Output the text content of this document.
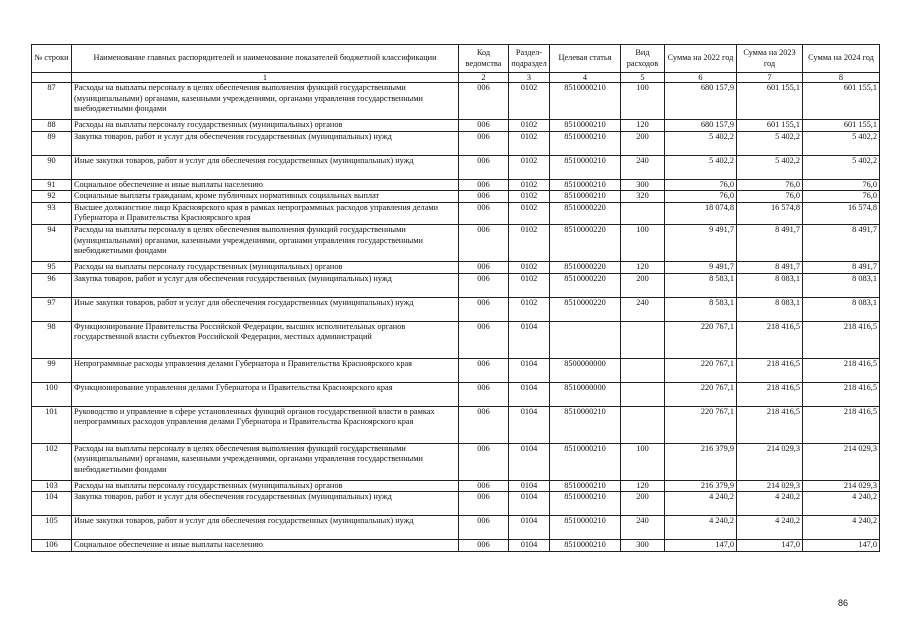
№ строки	Наименование главных распорядителей и наименование показателей бюджетной классификации	Код ведомства	Раздел-подраздел	Целевая статья	Вид расходов	Сумма на 2022 год	Сумма на 2023 год	Сумма на 2024 год
	1	2	3	4	5	6	7	8
87	Расходы на выплаты персоналу в целях обеспечения выполнения функций государственными (муниципальными) органами, казенными учреждениями, органами управления государственными внебюджетными фондами	006	0102	8510000210	100	680 157,9	601 155,1	601 155,1
88	Расходы на выплаты персоналу государственных (муниципальных) органов	006	0102	8510000210	120	680 157,9	601 155,1	601 155,1
89	Закупка товаров, работ и услуг для обеспечения государственных (муниципальных) нужд	006	0102	8510000210	200	5 402,2	5 402,2	5 402,2
90	Иные закупки товаров, работ и услуг для обеспечения государственных (муниципальных) нужд	006	0102	8510000210	240	5 402,2	5 402,2	5 402,2
91	Социальное обеспечение и иные выплаты населению	006	0102	8510000210	300	76,0	76,0	76,0
92	Социальные выплаты гражданам, кроме публичных нормативных социальных выплат	006	0102	8510000210	320	76,0	76,0	76,0
93	Высшее должностное лицо Красноярского края в рамках непрограммных расходов управления делами Губернатора и Правительства Красноярского края	006	0102	8510000220		18 074,8	16 574,8	16 574,8
94	Расходы на выплаты персоналу в целях обеспечения выполнения функций государственными (муниципальными) органами, казенными учреждениями, органами управления государственными внебюджетными фондами	006	0102	8510000220	100	9 491,7	8 491,7	8 491,7
95	Расходы на выплаты персоналу государственных (муниципальных) органов	006	0102	8510000220	120	9 491,7	8 491,7	8 491,7
96	Закупка товаров, работ и услуг для обеспечения государственных (муниципальных) нужд	006	0102	8510000220	200	8 583,1	8 083,1	8 083,1
97	Иные закупки товаров, работ и услуг для обеспечения государственных (муниципальных) нужд	006	0102	8510000220	240	8 583,1	8 083,1	8 083,1
98	Функционирование Правительства Российской Федерации, высших исполнительных органов государственной власти субъектов Российской Федерации, местных администраций	006	0104			220 767,1	218 416,5	218 416,5
99	Непрограммные расходы управления делами Губернатора и Правительства Красноярского края	006	0104	8500000000		220 767,1	218 416,5	218 416,5
100	Функционирование управления делами Губернатора и Правительства Красноярского края	006	0104	8510000000		220 767,1	218 416,5	218 416,5
101	Руководство и управление в сфере установленных функций органов государственной власти в рамках непрограммных расходов управления делами Губернатора и Правительства Красноярского края	006	0104	8510000210		220 767,1	218 416,5	218 416,5
102	Расходы на выплаты персоналу в целях обеспечения выполнения функций государственными (муниципальными) органами, казенными учреждениями, органами управления государственными внебюджетными фондами	006	0104	8510000210	100	216 379,9	214 029,3	214 029,3
103	Расходы на выплаты персоналу государственных (муниципальных) органов	006	0104	8510000210	120	216 379,9	214 029,3	214 029,3
104	Закупка товаров, работ и услуг для обеспечения государственных (муниципальных) нужд	006	0104	8510000210	200	4 240,2	4 240,2	4 240,2
105	Иные закупки товаров, работ и услуг для обеспечения государственных (муниципальных) нужд	006	0104	8510000210	240	4 240,2	4 240,2	4 240,2
106	Социальное обеспечение и иные выплаты населению	006	0104	8510000210	300	147,0	147,0	147,0
86
